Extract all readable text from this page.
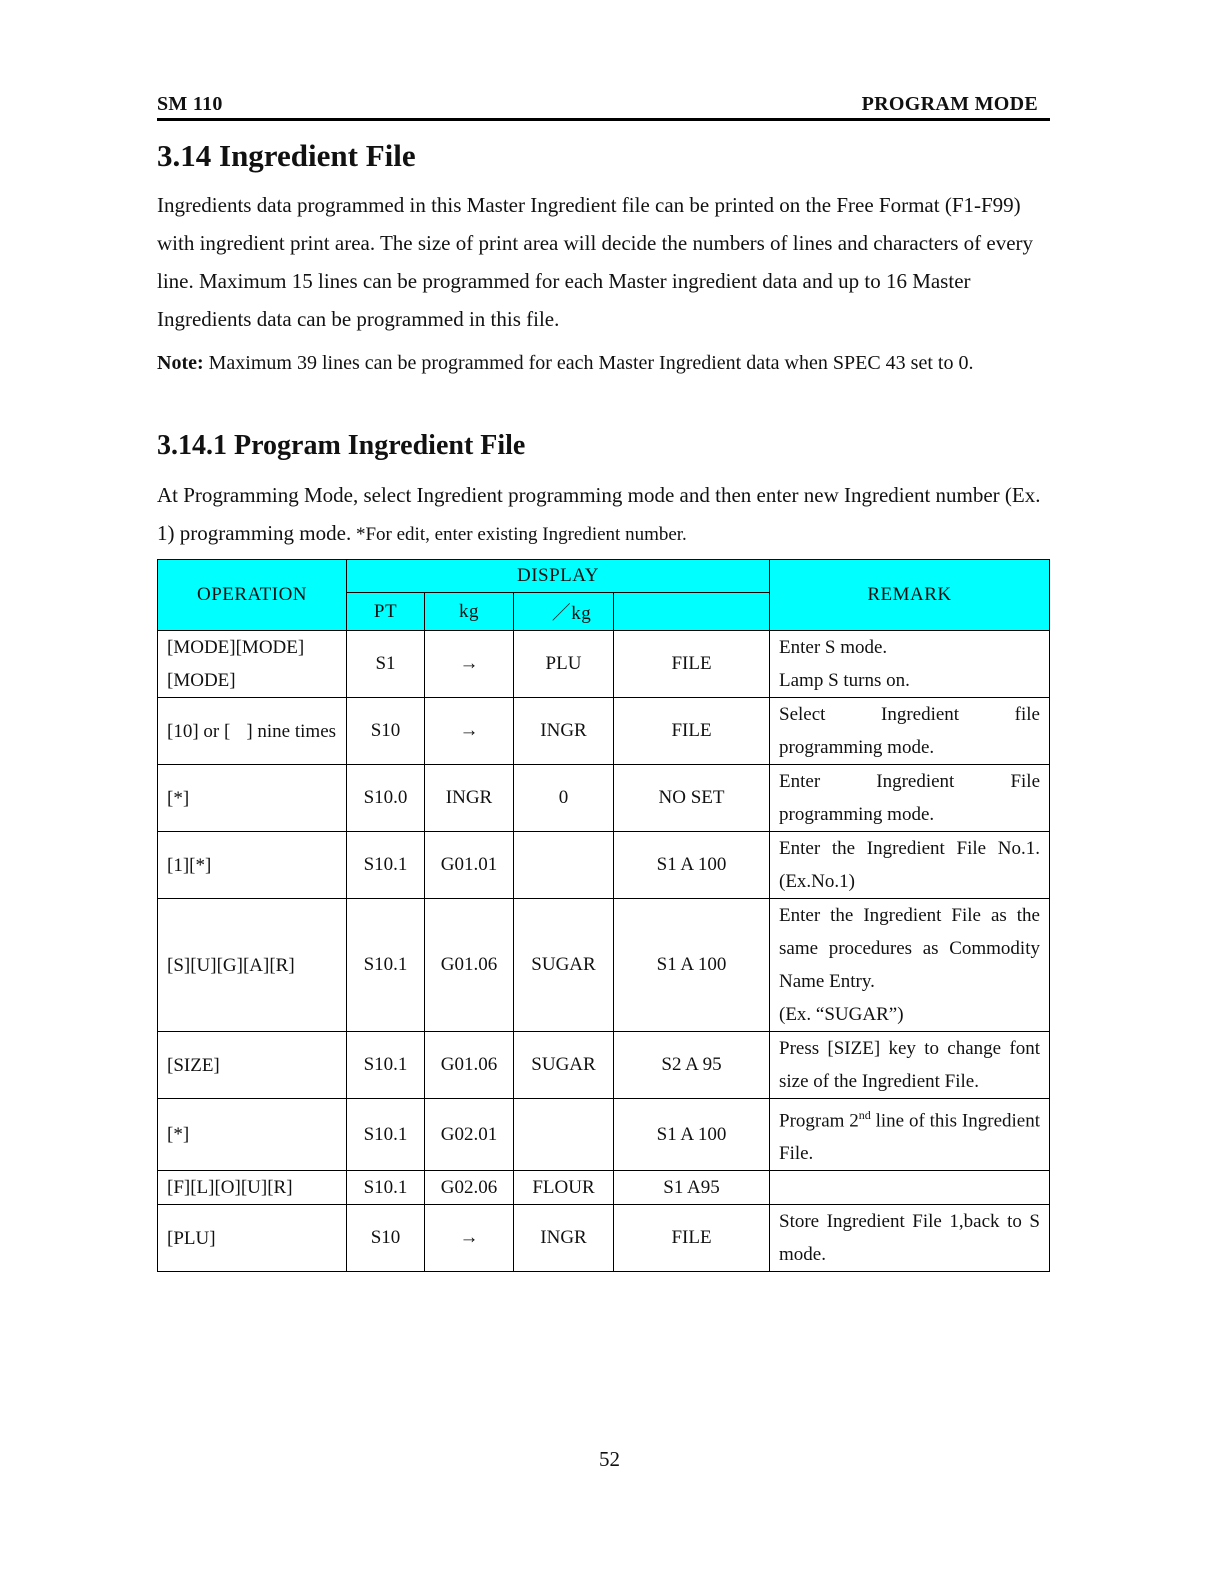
SM 110	PROGRAM MODE
3.14 Ingredient File

Ingredients data programmed in this Master Ingredient file can be printed on the Free Format (F1-F99) with ingredient print area. The size of print area will decide the numbers of lines and characters of every line. Maximum 15 lines can be programmed for each Master ingredient data and up to 16 Master Ingredients data can be programmed in this file.

Note: Maximum 39 lines can be programmed for each Master Ingredient data when SPEC 43 set to 0.
3.14.1 Program Ingredient File

At Programming Mode, select Ingredient programming mode and then enter new Ingredient number (Ex. 1) programming mode. *For edit, enter existing Ingredient number.

OPERATION	DISPLAY				REMARK
	PT	kg	／kg		
[MODE][MODE] [MODE]	S1	→	PLU	FILE	Enter S mode.
Lamp S turns on.
[10] or [ ] nine times	S10	→	INGR	FILE	Select Ingredient file programming mode.
[*]	S10.0	INGR	0	NO SET	Enter Ingredient File programming mode.
[1][*]	S10.1	G01.01		S1 A 100	Enter the Ingredient File No.1.(Ex.No.1)
[S][U][G][A][R]	S10.1	G01.06	SUGAR	S1 A 100	Enter the Ingredient File as the same procedures as Commodity Name Entry.
(Ex. “SUGAR”)

[SIZE]	S10.1	G01.06	SUGAR	S2 A 95	Press [SIZE] key to change font size of the Ingredient File.
[*]	S10.1	G02.01		S1 A 100	Program 2nd line of this Ingredient File.
[F][L][O][U][R]	S10.1	G02.06	FLOUR	S1 A95	
[PLU]	S10	→	INGR	FILE	Store Ingredient File 1,back to S mode.
52
